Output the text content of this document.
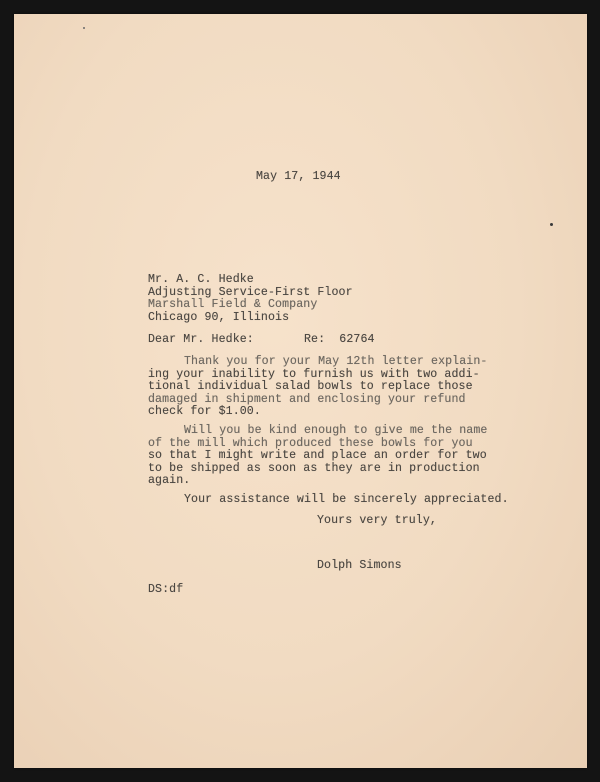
May 17, 1944
Mr. A. C. Hedke
Adjusting Service-First Floor
Marshall Field & Company
Chicago 90, Illinois
Dear Mr. Hedke:	Re:  62764
Thank you for your May 12th letter explain-
ing your inability to furnish us with two addi-
tional individual salad bowls to replace those
damaged in shipment and enclosing your refund
check for $1.00.
Will you be kind enough to give me the name
of the mill which produced these bowls for you
so that I might write and place an order for two
to be shipped as soon as they are in production
again.
Your assistance will be sincerely appreciated.
Yours very truly,
Dolph Simons
DS:df
